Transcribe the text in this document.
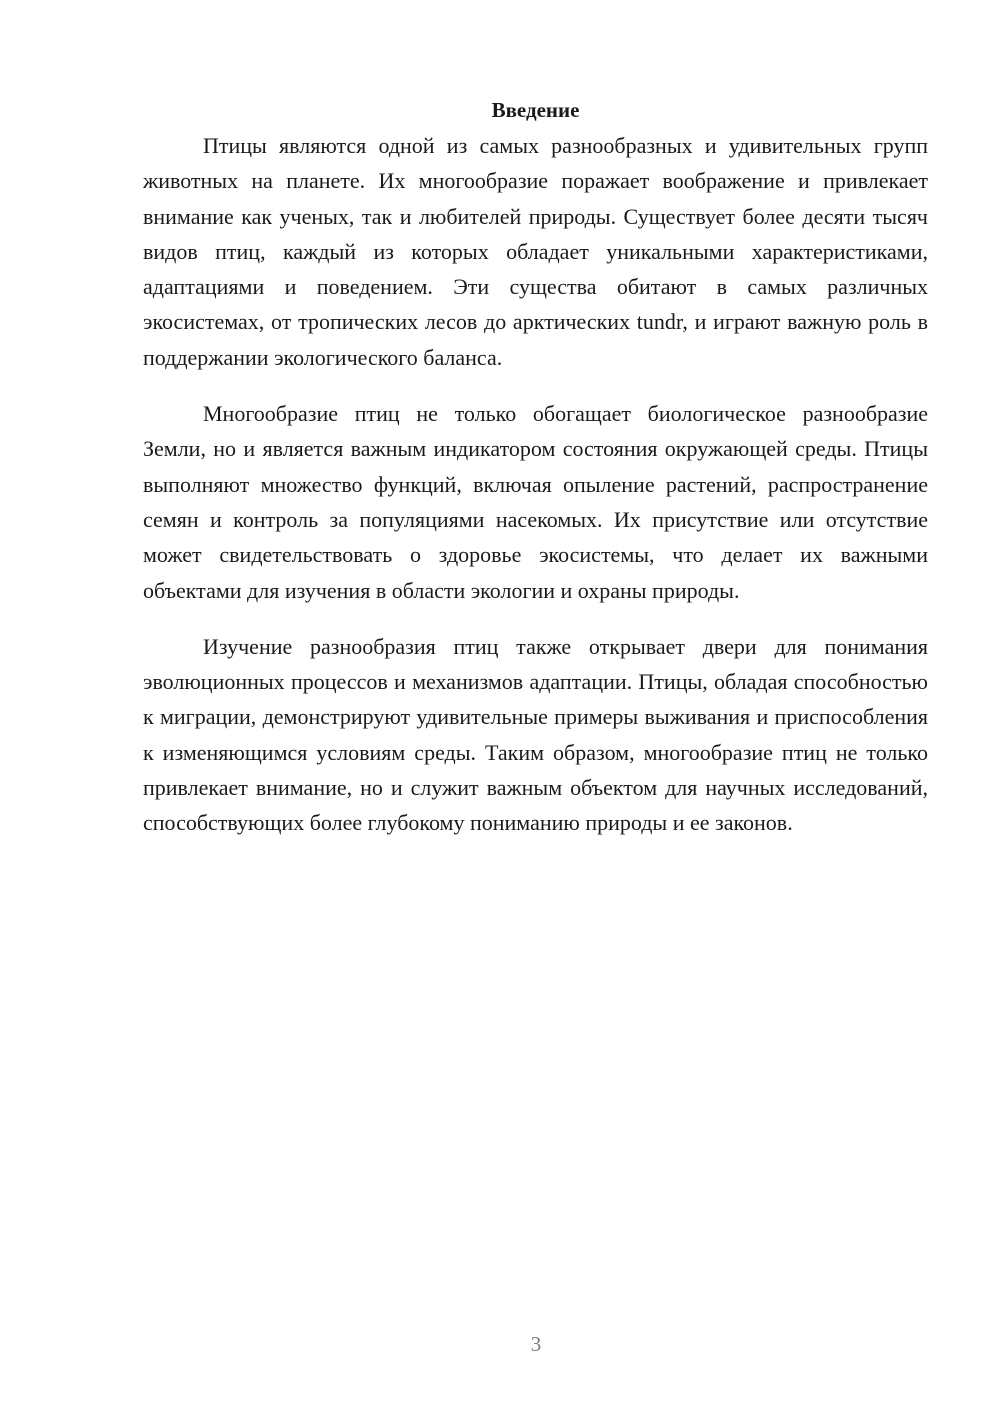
Введение

Птицы являются одной из самых разнообразных и удивительных групп животных на планете. Их многообразие поражает воображение и привлекает внимание как ученых, так и любителей природы. Существует более десяти тысяч видов птиц, каждый из которых обладает уникальными характеристиками, адаптациями и поведением. Эти существа обитают в самых различных экосистемах, от тропических лесов до арктических tundr, и играют важную роль в поддержании экологического баланса.

Многообразие птиц не только обогащает биологическое разнообразие Земли, но и является важным индикатором состояния окружающей среды. Птицы выполняют множество функций, включая опыление растений, распространение семян и контроль за популяциями насекомых. Их присутствие или отсутствие может свидетельствовать о здоровье экосистемы, что делает их важными объектами для изучения в области экологии и охраны природы.

Изучение разнообразия птиц также открывает двери для понимания эволюционных процессов и механизмов адаптации. Птицы, обладая способностью к миграции, демонстрируют удивительные примеры выживания и приспособления к изменяющимся условиям среды. Таким образом, многообразие птиц не только привлекает внимание, но и служит важным объектом для научных исследований, способствующих более глубокому пониманию природы и ее законов.

3
